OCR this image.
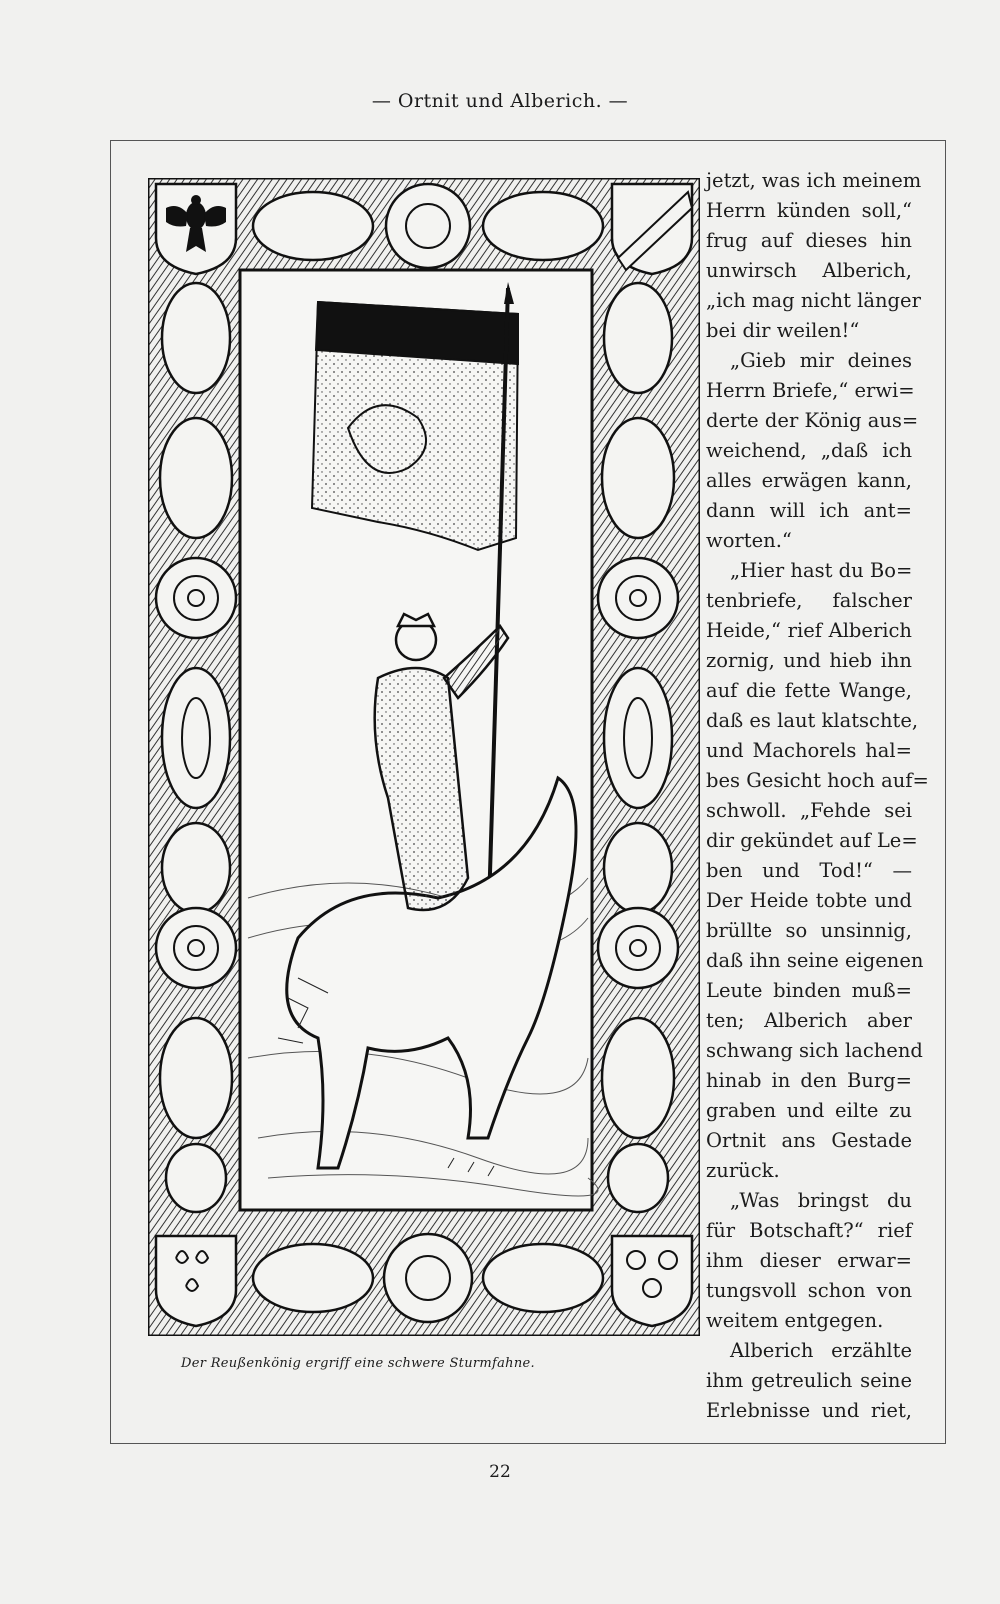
— Ortnit und Alberich. —
Der Reußenkönig ergriff eine schwere Sturmfahne.
jetzt, was ich meinem
Herrn künden soll,“
frug auf dieses hin
unwirsch Alberich,
„ich mag nicht länger
bei dir weilen!“
„Gieb mir deines
Herrn Briefe,“ erwi=
derte der König aus=
weichend, „daß ich
alles erwägen kann,
dann will ich ant=
worten.“
„Hier hast du Bo=
tenbriefe, falscher
Heide,“ rief Alberich
zornig, und hieb ihn
auf die fette Wange,
daß es laut klatschte,
und Machorels hal=
bes Gesicht hoch auf=
schwoll. „Fehde sei
dir gekündet auf Le=
ben und Tod!“ —
Der Heide tobte und
brüllte so unsinnig,
daß ihn seine eigenen
Leute binden muß=
ten; Alberich aber
schwang sich lachend
hinab in den Burg=
graben und eilte zu
Ortnit ans Gestade
zurück.
„Was bringst du
für Botschaft?“ rief
ihm dieser erwar=
tungsvoll schon von
weitem entgegen.
Alberich erzählte
ihm getreulich seine
Erlebnisse und riet,
22
